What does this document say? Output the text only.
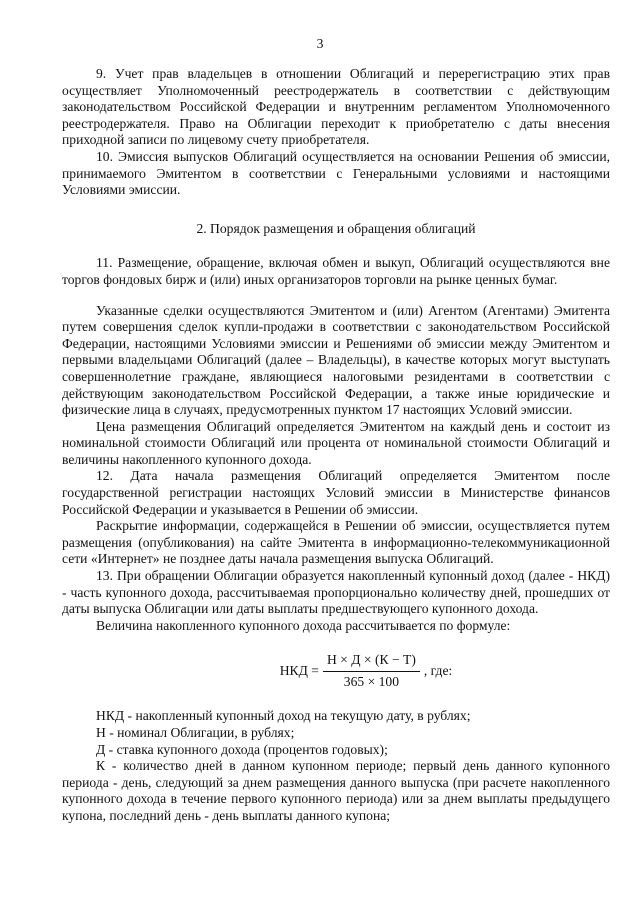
3

9. Учет прав владельцев в отношении Облигаций и перерегистрацию этих прав осуществляет Уполномоченный реестродержатель в соответствии с действующим законодательством Российской Федерации и внутренним регламентом Уполномоченного реестродержателя. Право на Облигации переходит к приобретателю с даты внесения приходной записи по лицевому счету приобретателя.

10. Эмиссия выпусков Облигаций осуществляется на основании Решения об эмиссии, принимаемого Эмитентом в соответствии с Генеральными условиями и настоящими Условиями эмиссии.

2. Порядок размещения и обращения облигаций

11. Размещение, обращение, включая обмен и выкуп, Облигаций осуществляются вне торгов фондовых бирж и (или) иных организаторов торговли на рынке ценных бумаг.

Указанные сделки осуществляются Эмитентом и (или) Агентом (Агентами) Эмитента путем совершения сделок купли-продажи в соответствии с законодательством Российской Федерации, настоящими Условиями эмиссии и Решениями об эмиссии между Эмитентом и первыми владельцами Облигаций (далее – Владельцы), в качестве которых могут выступать совершеннолетние граждане, являющиеся налоговыми резидентами в соответствии с действующим законодательством Российской Федерации, а также иные юридические и физические лица в случаях, предусмотренных пунктом 17 настоящих Условий эмиссии.

Цена размещения Облигаций определяется Эмитентом на каждый день и состоит из номинальной стоимости Облигаций или процента от номинальной стоимости Облигаций и величины накопленного купонного дохода.

12. Дата начала размещения Облигаций определяется Эмитентом после государственной регистрации настоящих Условий эмиссии в Министерстве финансов Российской Федерации и указывается в Решении об эмиссии.

Раскрытие информации, содержащейся в Решении об эмиссии, осуществляется путем размещения (опубликования) на сайте Эмитента в информационно-телекоммуникационной сети «Интернет» не позднее даты начала размещения выпуска Облигаций.

13. При обращении Облигации образуется накопленный купонный доход (далее - НКД) - часть купонного дохода, рассчитываемая пропорционально количеству дней, прошедших от даты выпуска Облигации или даты выплаты предшествующего купонного дохода.

Величина накопленного купонного дохода рассчитывается по формуле:

НКД = $\frac{Н \times Д \times (К - Т)}{365 \times 100}$ , где:

НКД - накопленный купонный доход на текущую дату, в рублях;

Н - номинал Облигации, в рублях;

Д - ставка купонного дохода (процентов годовых);

К - количество дней в данном купонном периоде; первый день данного купонного периода - день, следующий за днем размещения данного выпуска (при расчете накопленного купонного дохода в течение первого купонного периода) или за днем выплаты предыдущего купона, последний день - день выплаты данного купона;
